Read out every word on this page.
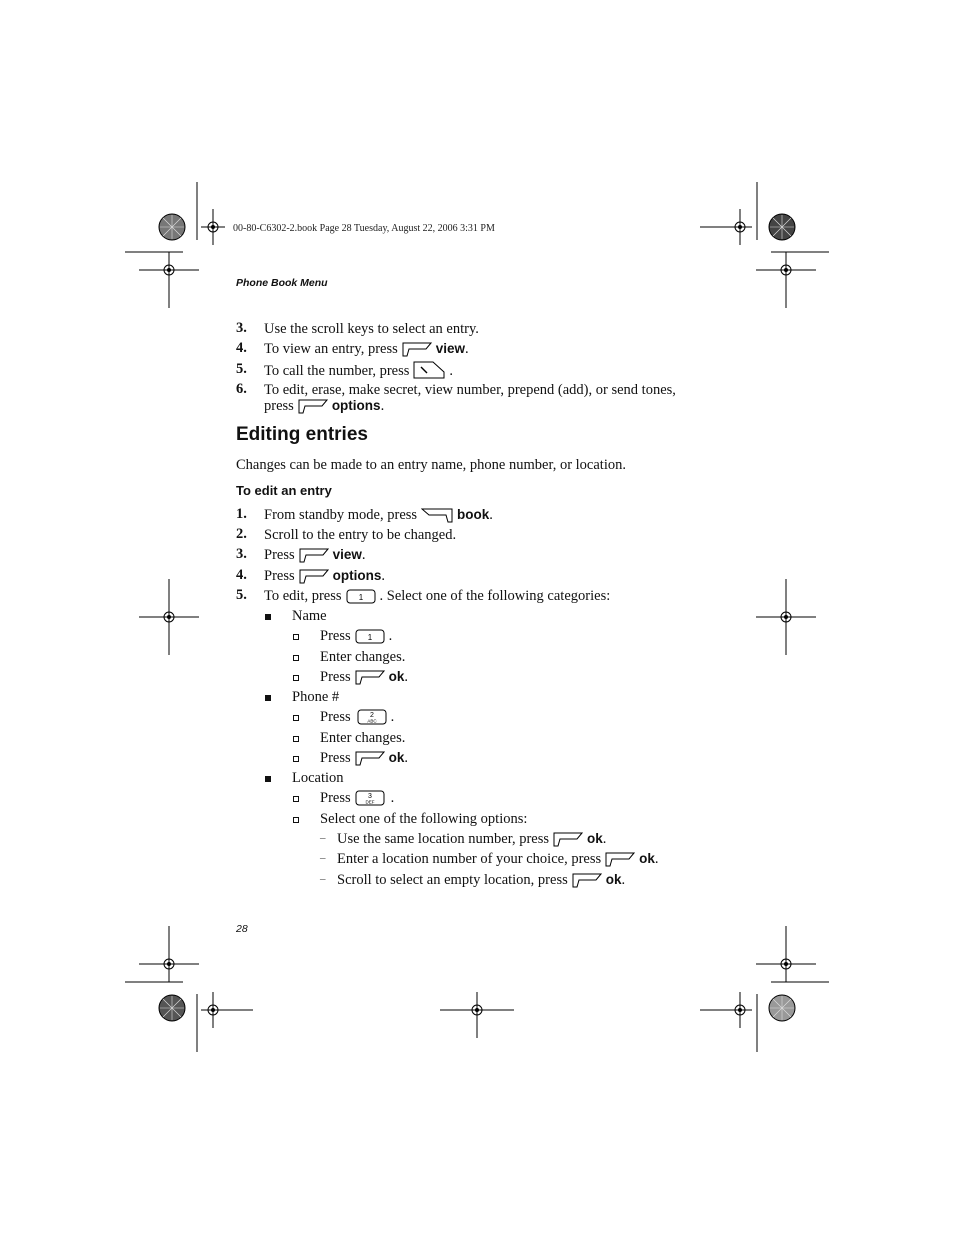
00-80-C6302-2.book Page 28 Tuesday, August 22, 2006 3:31 PM
Phone Book Menu
3. Use the scroll keys to select an entry.
4. To view an entry, press	view.
5. To call the number, press	.
6. To edit, erase, make secret, view number, prepend (add), or send tones,
press	options.
Editing entries
Changes can be made to an entry name, phone number, or location.
To edit an entry
1. From standby mode, press	book.
2. Scroll to the entry to be changed.
3. Press	view.
4. Press	options.
5. To edit, press 1 . Select one of the following categories:
Name
Press 1 .
Enter changes.
Press	ok.
Phone #
Press	2
ABC .
Enter changes.
Press	ok.
Location
Press 3
DEF .
Select one of the following options:
– Use the same location number, press	ok.
– Enter a location number of your choice, press	ok.
– Scroll to select an empty location, press	ok.
28
